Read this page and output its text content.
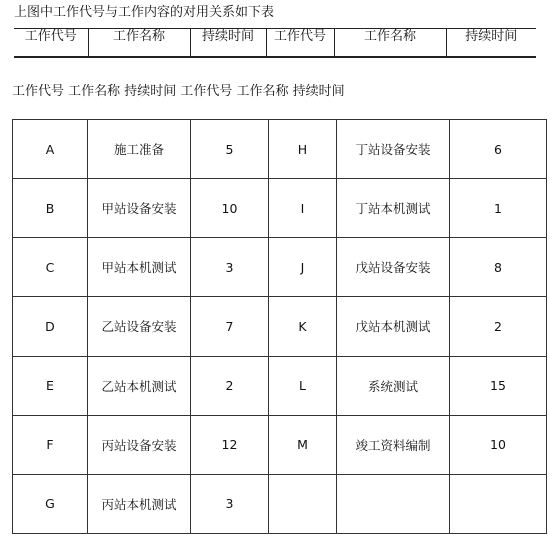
上图中工作代号与工作内容的对用关系如下表
工作代号	工作名称	持续时间	工作代号	工作名称	持续时间
工作代号 工作名称 持续时间 工作代号 工作名称 持续时间
A	施工准备	5	H	丁站设备安装	6
B	甲站设备安装	10	I	丁站本机测试	1
C	甲站本机测试	3	J	戊站设备安装	8
D	乙站设备安装	7	K	戊站本机测试	2
E	乙站本机测试	2	L	系统测试	15
F	丙站设备安装	12	M	竣工资料编制	10
G	丙站本机测试	3			
